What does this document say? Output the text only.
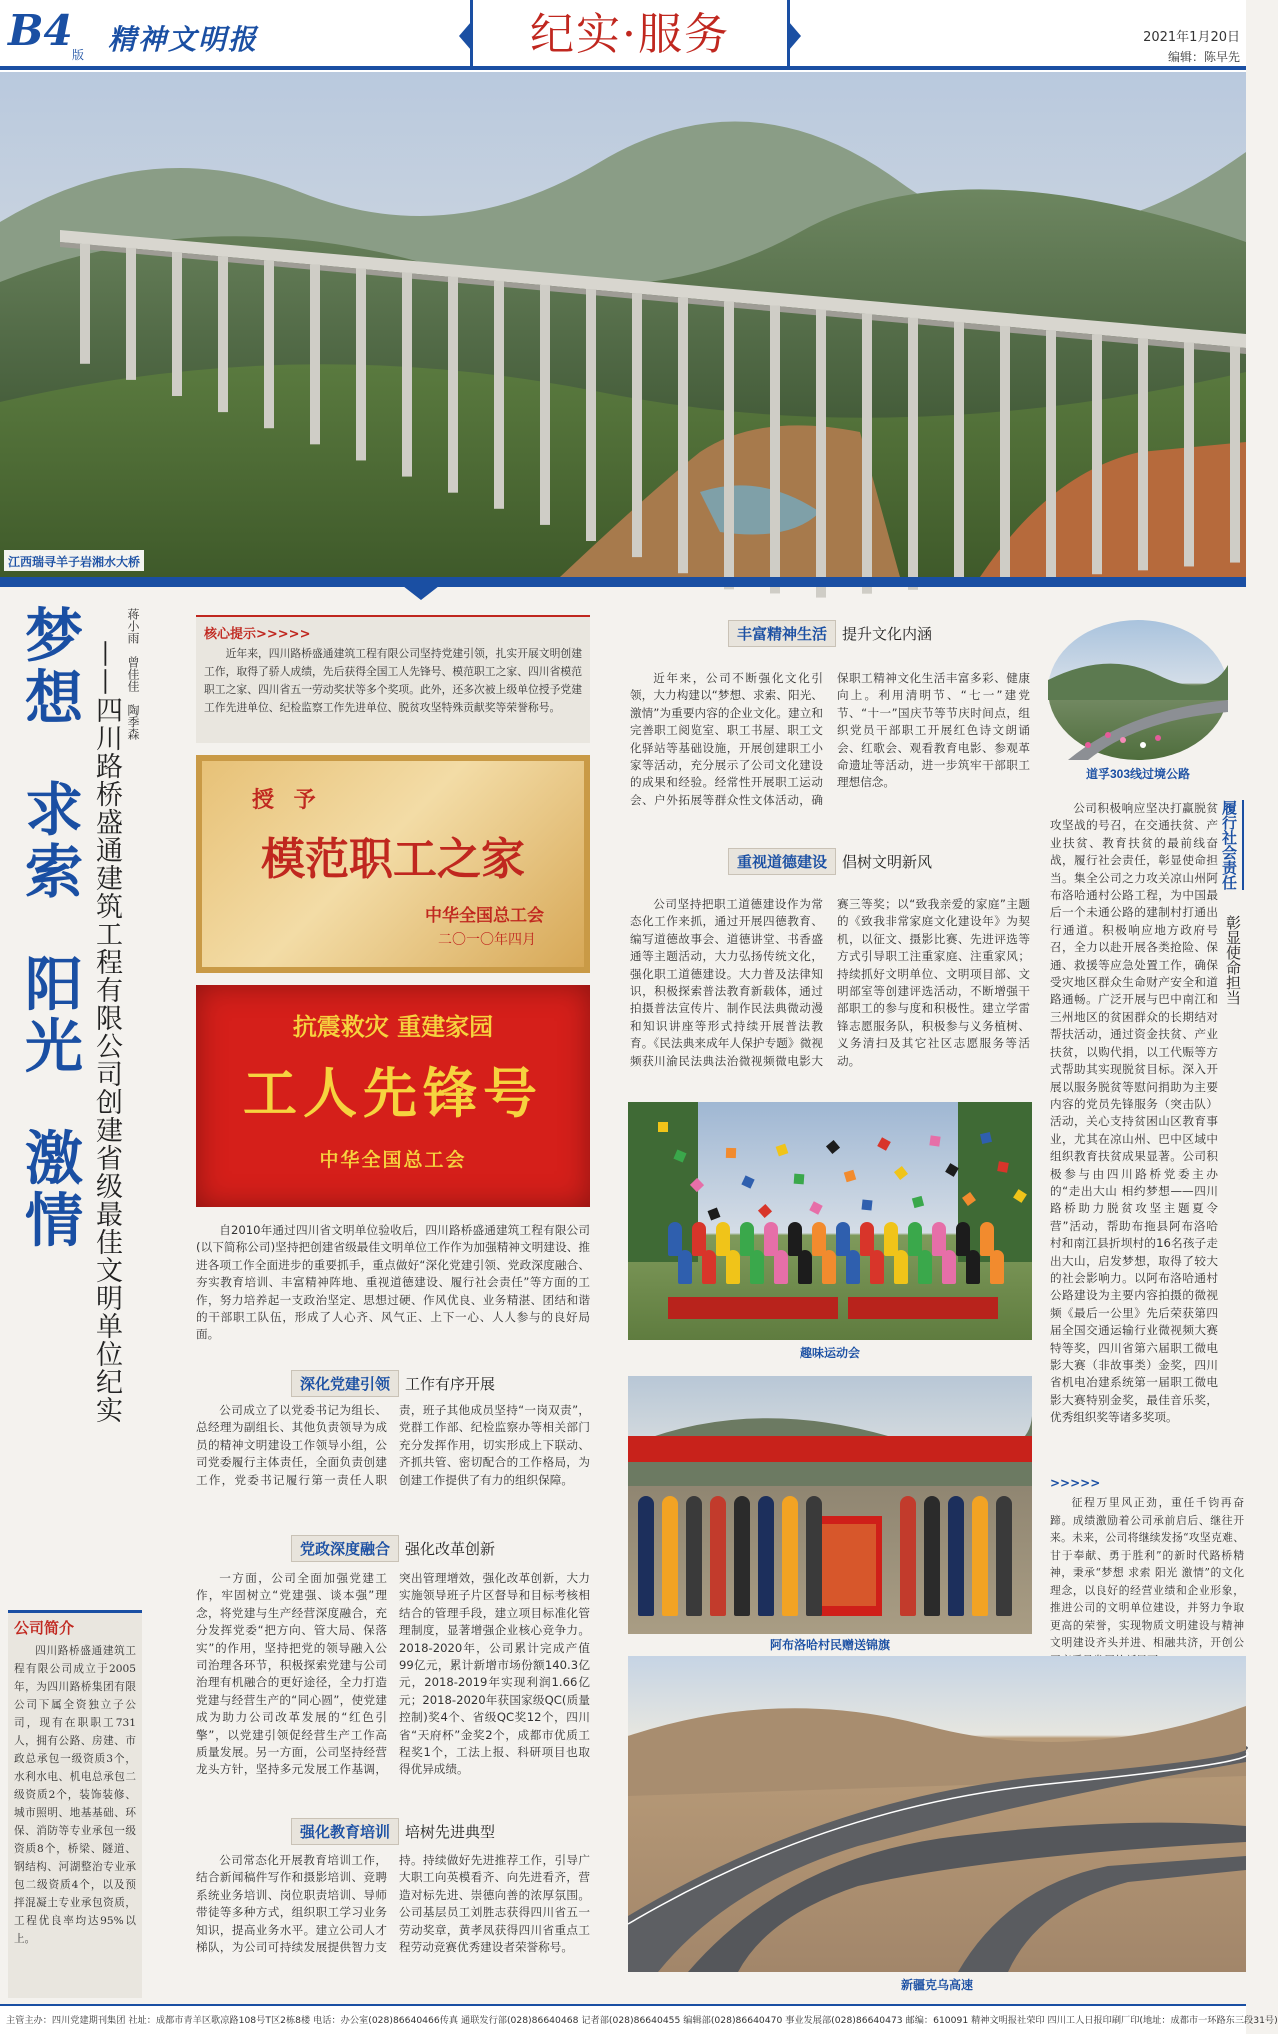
B4 版 精神文明报	纪实·服务	2021年1月20日
编辑：陈早先
江西瑞寻羊子岩湘水大桥
梦想 求索 阳光 激情 ——四川路桥盛通建筑工程有限公司创建省级最佳文明单位纪实
蒋小雨　曾佳佳　陶季森
公司简介
四川路桥盛通建筑工程有限公司成立于2005年，为四川路桥集团有限公司下属全资独立子公司，现有在职职工731人，拥有公路、房建、市政总承包一级资质3个，水利水电、机电总承包二级资质2个，装饰装修、城市照明、地基基础、环保、消防等专业承包一级资质8个，桥梁、隧道、钢结构、河湖整治专业承包二级资质4个，以及预拌混凝土专业承包资质，工程优良率均达95%以上。
核心提示>>>>>
近年来，四川路桥盛通建筑工程有限公司坚持党建引领，扎实开展文明创建工作，取得了骄人成绩，先后获得全国工人先锋号、模范职工之家、四川省模范职工之家、四川省五一劳动奖状等多个奖项。此外，还多次被上级单位授予党建工作先进单位、纪检监察工作先进单位、脱贫攻坚特殊贡献奖等荣誉称号。
授 予
模范职工之家
中华全国总工会
二〇一〇年四月
抗震救灾 重建家园
工人先锋号
中华全国总工会
自2010年通过四川省文明单位验收后，四川路桥盛通建筑工程有限公司(以下简称公司)坚持把创建省级最佳文明单位工作作为加强精神文明建设、推进各项工作全面进步的重要抓手，重点做好“深化党建引领、党政深度融合、夯实教育培训、丰富精神阵地、重视道德建设、履行社会责任”等方面的工作，努力培养起一支政治坚定、思想过硬、作风优良、业务精湛、团结和谐的干部职工队伍，形成了人心齐、风气正、上下一心、人人参与的良好局面。
深化党建引领	工作有序开展
公司成立了以党委书记为组长、总经理为副组长、其他负责领导为成员的精神文明建设工作领导小组，公司党委履行主体责任，全面负责创建工作，党委书记履行第一责任人职责，班子其他成员坚持“一岗双责”，党群工作部、纪检监察办等相关部门充分发挥作用，切实形成上下联动、齐抓共管、密切配合的工作格局，为创建工作提供了有力的组织保障。
党政深度融合	强化改革创新
一方面，公司全面加强党建工作，牢固树立“党建强、谈本强”理念，将党建与生产经营深度融合，充分发挥党委“把方向、管大局、保落实”的作用，坚持把党的领导融入公司治理各环节，积极探索党建与公司治理有机融合的更好途径，全力打造党建与经营生产的“同心圆”，使党建成为助力公司改革发展的“红色引擎”，以党建引领促经营生产工作高质量发展。另一方面，公司坚持经营龙头方针，坚持多元发展工作基调，突出管理增效，强化改革创新，大力实施领导班子片区督导和目标考核相结合的管理手段，建立项目标准化管理制度，显著增强企业核心竞争力。2018-2020年，公司累计完成产值99亿元，累计新增市场份额140.3亿元，2018-2019年实现利润1.66亿元；2018-2020年获国家级QC(质量控制)奖4个、省级QC奖12个，四川省“天府杯”金奖2个，成都市优质工程奖1个，工法上报、科研项目也取得优异成绩。
强化教育培训	培树先进典型
公司常态化开展教育培训工作，结合新闻稿件写作和摄影培训、竞聘系统业务培训、岗位职责培训、导师带徒等多种方式，组织职工学习业务知识，提高业务水平。建立公司人才梯队，为公司可持续发展提供智力支持。持续做好先进推荐工作，引导广大职工向英模看齐、向先进看齐，营造对标先进、崇德向善的浓厚氛围。公司基层员工刘胜志获得四川省五一劳动奖章，黄孝凤获得四川省重点工程劳动竞赛优秀建设者荣誉称号。
丰富精神生活	提升文化内涵
近年来，公司不断强化文化引领，大力构建以“梦想、求索、阳光、激情”为重要内容的企业文化。建立和完善职工阅览室、职工书屋、职工文化驿站等基础设施，开展创建职工小家等活动，充分展示了公司文化建设的成果和经验。经常性开展职工运动会、户外拓展等群众性文体活动，确保职工精神文化生活丰富多彩、健康向上。利用清明节、“七一”建党节、“十一”国庆节等节庆时间点，组织党员干部职工开展红色诗文朗诵会、红歌会、观看教育电影、参观革命遗址等活动，进一步筑牢干部职工理想信念。
重视道德建设	倡树文明新风
公司坚持把职工道德建设作为常态化工作来抓，通过开展四德教育、编写道德故事会、道德讲堂、书香盛通等主题活动，大力弘扬传统文化，强化职工道德建设。大力普及法律知识，积极探索普法教育新载体，通过拍摄普法宣传片、制作民法典微动漫和知识讲座等形式持续开展普法教育。《民法典来成年人保护专题》微视频获川渝民法典法治微视频微电影大赛三等奖；以“致我亲爱的家庭”主题的《致我非常家庭文化建设年》为契机，以征文、摄影比赛、先进评选等方式引导职工注重家庭、注重家风；持续抓好文明单位、文明项目部、文明部室等创建评选活动，不断增强干部职工的参与度和积极性。建立学雷锋志愿服务队，积极参与义务植树、义务清扫及其它社区志愿服务等活动。
趣味运动会
阿布洛哈村民赠送锦旗
道孚303线过境公路
履行社会责任
彰显使命担当
公司积极响应坚决打赢脱贫攻坚战的号召，在交通扶贫、产业扶贫、教育扶贫的最前线奋战，履行社会责任，彰显使命担当。集全公司之力攻关凉山州阿布洛哈通村公路工程，为中国最后一个未通公路的建制村打通出行通道。积极响应地方政府号召，全力以赴开展各类抢险、保通、救援等应急处置工作，确保受灾地区群众生命财产安全和道路通畅。广泛开展与巴中南江和三州地区的贫困群众的长期结对帮扶活动，通过资金扶贫、产业扶贫，以购代捐，以工代赈等方式帮助其实现脱贫目标。深入开展以服务脱贫等慰问捐助为主要内容的党员先锋服务（突击队）活动，关心支持贫困山区教育事业，尤其在凉山州、巴中区域中组织教育扶贫成果显著。公司积极参与由四川路桥党委主办的“走出大山 相约梦想——四川路桥助力脱贫攻坚主题夏令营”活动，帮助布拖县阿布洛哈村和南江县折坝村的16名孩子走出大山，启发梦想，取得了较大的社会影响力。以阿布洛哈通村公路建设为主要内容拍摄的微视频《最后一公里》先后荣获第四届全国交通运输行业微视频大赛特等奖，四川省第六届职工微电影大赛（非故事类）金奖，四川省机电冶建系统第一届职工微电影大赛特别金奖，最佳音乐奖，优秀组织奖等诸多奖项。
>>>>>
征程万里风正劲，重任千钧再奋蹄。成绩激励着公司承前启后、继往开来。未来，公司将继续发扬“攻坚克难、甘于奉献、勇于胜利”的新时代路桥精神，秉承“梦想 求索 阳光 激情”的文化理念，以良好的经营业绩和企业形象，推进公司的文明单位建设，并努力争取更高的荣誉，实现物质文明建设与精神文明建设齐头并进、相融共济，开创公
新疆克乌高速
主管主办：四川党建期刊集团 社址：成都市青羊区歌凉路108号T区2栋8楼 电话：办公室(028)86640466传真 通联发行部(028)86640468 记者部(028)86640455 编辑部(028)86640470 事业发展部(028)86640473 邮编：610091 精神文明报社荣印 四川工人日报印刷厂印(地址：成都市一环路东三段31号)
